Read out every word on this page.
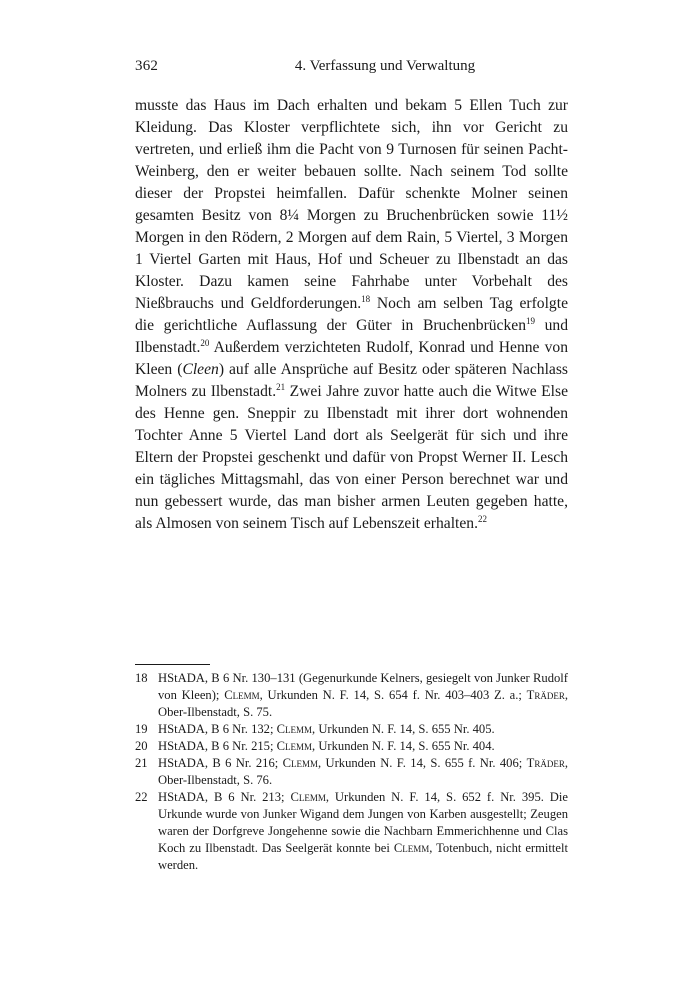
362	4. Verfassung und Verwaltung

musste das Haus im Dach erhalten und bekam 5 Ellen Tuch zur Kleidung. Das Kloster verpflichtete sich, ihn vor Gericht zu vertreten, und erließ ihm die Pacht von 9 Turnosen für seinen Pacht-Weinberg, den er weiter bebauen sollte. Nach seinem Tod sollte dieser der Propstei heimfallen. Dafür schenkte Molner seinen gesamten Besitz von 8¼ Morgen zu Bruchenbrücken sowie 11½ Morgen in den Rödern, 2 Morgen auf dem Rain, 5 Viertel, 3 Morgen 1 Viertel Garten mit Haus, Hof und Scheuer zu Ilbenstadt an das Kloster. Dazu kamen seine Fahrhabe unter Vorbehalt des Nießbrauchs und Geldforderungen.$^{18}$ Noch am selben Tag erfolgte die gerichtliche Auflassung der Güter in Bruchenbrücken$^{19}$ und Ilbenstadt.$^{20}$ Außerdem verzichteten Rudolf, Konrad und Henne von Kleen (Cleen) auf alle Ansprüche auf Besitz oder späteren Nachlass Molners zu Ilbenstadt.$^{21}$ Zwei Jahre zuvor hatte auch die Witwe Else des Henne gen. Sneppir zu Ilbenstadt mit ihrer dort wohnenden Tochter Anne 5 Viertel Land dort als Seelgerät für sich und ihre Eltern der Propstei geschenkt und dafür von Propst Werner II. Lesch ein tägliches Mittagsmahl, das von einer Person berechnet war und nun gebessert wurde, das man bisher armen Leuten gegeben hatte, als Almosen von seinem Tisch auf Lebenszeit erhalten.$^{22}$

18 HStADA, B 6 Nr. 130–131 (Gegenurkunde Kelners, gesiegelt von Junker Rudolf von Kleen); Clemm, Urkunden N. F. 14, S. 654 f. Nr. 403–403 Z. a.; Träder, Ober-Ilbenstadt, S. 75.
19 HStADA, B 6 Nr. 132; Clemm, Urkunden N. F. 14, S. 655 Nr. 405.
20 HStADA, B 6 Nr. 215; Clemm, Urkunden N. F. 14, S. 655 Nr. 404.
21 HStADA, B 6 Nr. 216; Clemm, Urkunden N. F. 14, S. 655 f. Nr. 406; Träder, Ober-Ilbenstadt, S. 76.
22 HStADA, B 6 Nr. 213; Clemm, Urkunden N. F. 14, S. 652 f. Nr. 395. Die Urkunde wurde von Junker Wigand dem Jungen von Karben ausgestellt; Zeugen waren der Dorfgreve Jongehenne sowie die Nachbarn Emmerichhenne und Clas Koch zu Ilbenstadt. Das Seelgerät konnte bei Clemm, Totenbuch, nicht ermittelt werden.
